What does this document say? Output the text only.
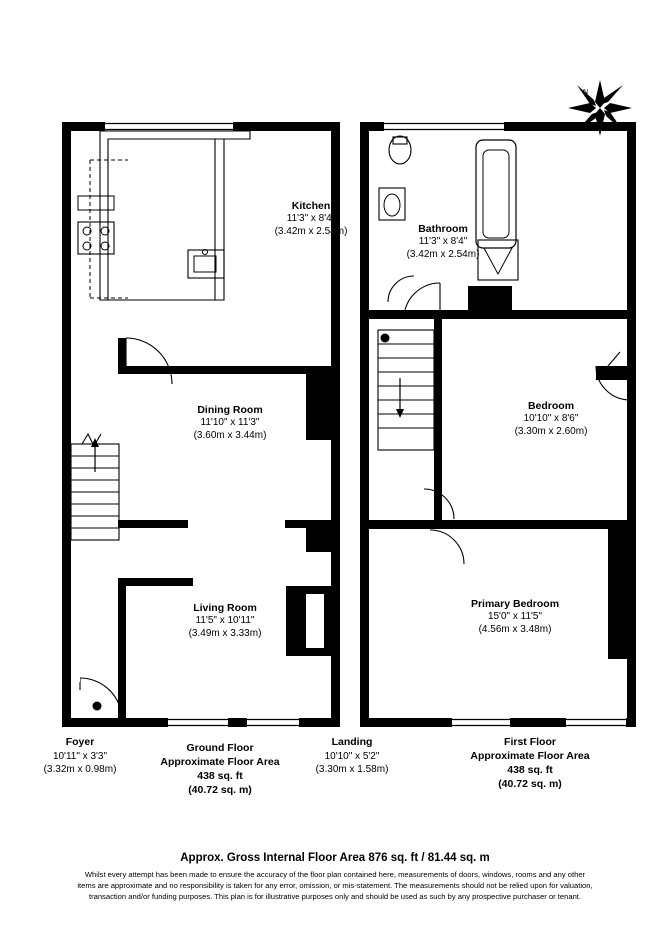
Kitchen
11'3" x 8'4"
(3.42m x 2.54m)
Dining Room
11'10" x 11'3"
(3.60m x 3.44m)
Living Room
11'5" x 10'11"
(3.49m x 3.33m)
Bathroom
11'3" x 8'4"
(3.42m x 2.54m)
Bedroom
10'10" x 8'6"
(3.30m x 2.60m)
Primary Bedroom
15'0" x 11'5"
(4.56m x 3.48m)
Foyer
10'11" x 3'3"
(3.32m x 0.98m)
Landing
10'10" x 5'2"
(3.30m x 1.58m)
Ground Floor
Approximate Floor Area
438 sq. ft
(40.72 sq. m)
First Floor
Approximate Floor Area
438 sq. ft
(40.72 sq. m)
N
Approx. Gross Internal Floor Area 876 sq. ft / 81.44 sq. m
Whilst every attempt has been made to ensure the accuracy of the floor plan contained here, measurements of doors, windows, rooms and any other items are approximate and no responsibility is taken for any error, omission, or mis-statement. The measurements should not be relied upon for valuation, transaction and/or funding purposes. This plan is for illustrative purposes only and should be used as such by any prospective purchaser or tenant.
